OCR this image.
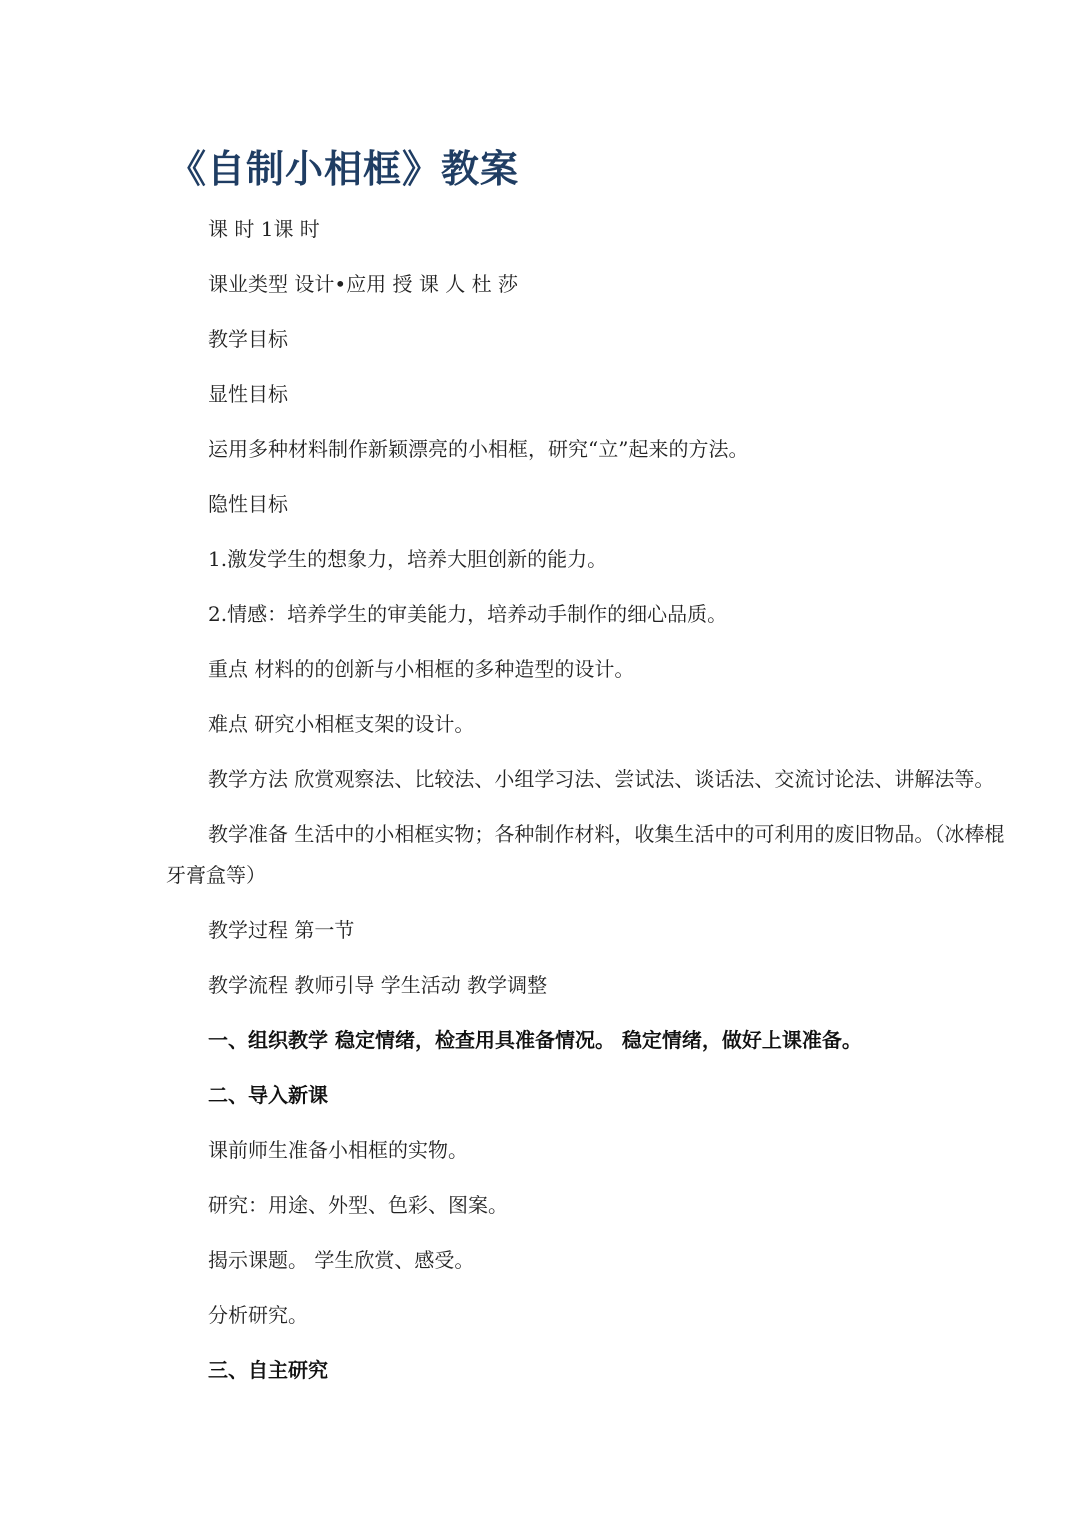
《自制小相框》教案

课 时 1课 时

课业类型 设计•应用 授 课 人 杜 莎

教学目标

显性目标

运用多种材料制作新颖漂亮的小相框，研究“立”起来的方法。

隐性目标

1.激发学生的想象力，培养大胆创新的能力。

2.情感：培养学生的审美能力，培养动手制作的细心品质。

重点 材料的的创新与小相框的多种造型的设计。

难点 研究小相框支架的设计。

教学方法 欣赏观察法、比较法、小组学习法、尝试法、谈话法、交流讨论法、讲解法等。

教学准备 生活中的小相框实物；各种制作材料，收集生活中的可利用的废旧物品。（冰棒棍

牙膏盒等）

教学过程 第一节

教学流程 教师引导 学生活动 教学调整

一、组织教学 稳定情绪，检查用具准备情况。 稳定情绪，做好上课准备。

二、导入新课

课前师生准备小相框的实物。

研究：用途、外型、色彩、图案。

揭示课题。 学生欣赏、感受。

分析研究。

三、自主研究
